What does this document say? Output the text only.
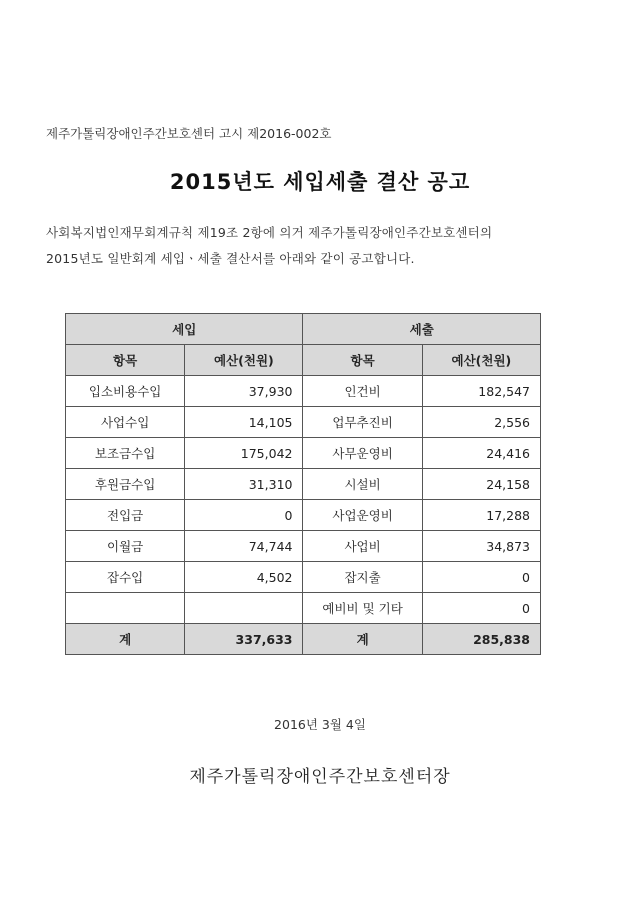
제주가톨릭장애인주간보호센터 고시 제2016-002호
2015년도 세입세출 결산 공고

사회복지법인재무회계규칙 제19조 2항에 의거 제주가톨릭장애인주간보호센터의

2015년도 일반회계 세입ㆍ세출 결산서를 아래와 같이 공고합니다.

세입		세출	
항목	예산(천원)	항목	예산(천원)
입소비용수입	37,930	인건비	182,547
사업수입	14,105	업무추진비	2,556
보조금수입	175,042	사무운영비	24,416
후원금수입	31,310	시설비	24,158
전입금	0	사업운영비	17,288
이월금	74,744	사업비	34,873
잡수입	4,502	잡지출	0
		예비비 및 기타	0
계	337,633	계	285,838
2016년 3월 4일
제주가톨릭장애인주간보호센터장
